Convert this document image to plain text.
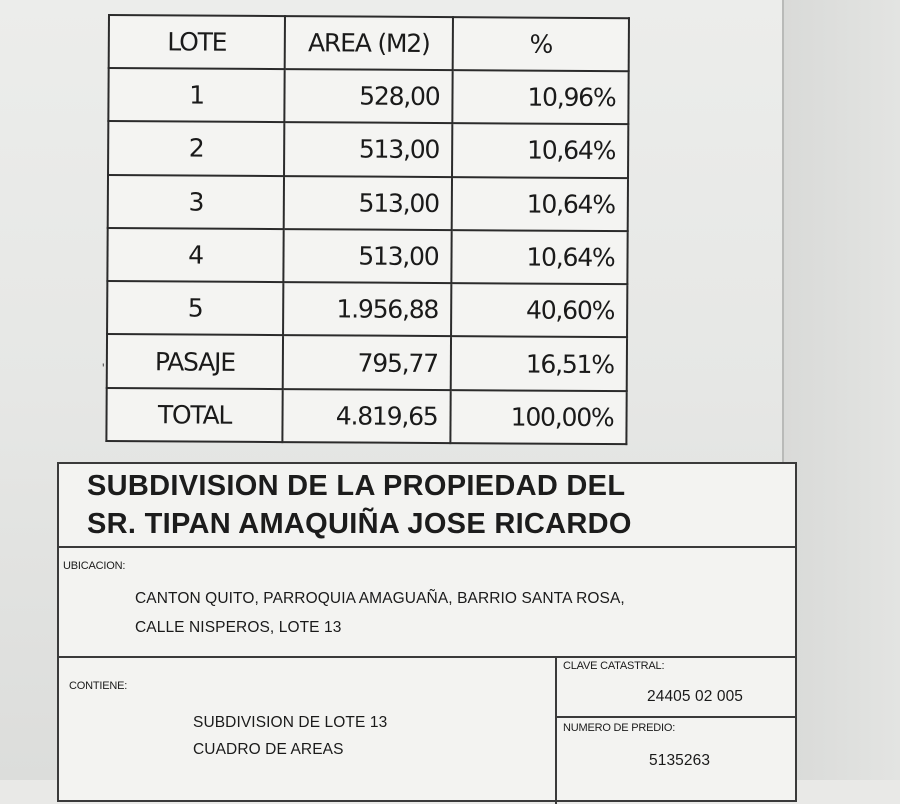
'
LOTE	AREA (M2)	%
1	528,00	10,96%
2	513,00	10,64%
3	513,00	10,64%
4	513,00	10,64%
5	1.956,88	40,60%
PASAJE	795,77	16,51%
TOTAL	4.819,65	100,00%
SUBDIVISION DE LA PROPIEDAD DEL
SR. TIPAN AMAQUIÑA JOSE RICARDO
UBICACION:
CANTON QUITO, PARROQUIA AMAGUAÑA, BARRIO SANTA ROSA,
CALLE NISPEROS, LOTE 13
CONTIENE:
SUBDIVISION DE LOTE 13
CUADRO DE AREAS
CLAVE CATASTRAL:
24405 02 005
NUMERO DE PREDIO:
5135263
